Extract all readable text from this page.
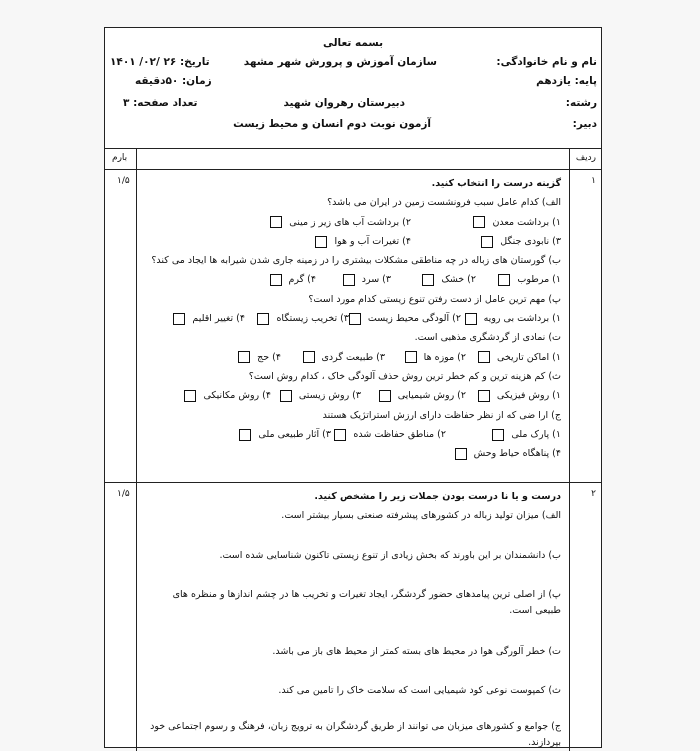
بسمه تعالی
نام و نام خانوادگی:
سازمان آموزش و پرورش شهر مشهد
تاریخ: ۲۶ /۰۲/ ۱۴۰۱
پایه: یازدهم
زمان: ۵۰دقیقه
رشته:
دبیرستان رهروان شهید
تعداد صفحه: ۳
دبیر:
آزمون نوبت دوم انسان و محیط زیست
ردیف
بارم
۱
۱/۵	گزینه درست را انتخاب کنید.
الف) کدام عامل سبب فرونشست زمین در ایران می باشد؟
۱) برداشت معدن
۲) برداشت آب های زیر ز مینی
۳) نابودی جنگل
۴) تغیرات آب و هوا
ب) گورستان های زباله در چه مناطقی مشکلات بیشتری را در زمینه جاری شدن شیرابه ها ایجاد می کند؟
۱) مرطوب
۲) خشک
۳) سرد
۴) گرم
پ) مهم ترین عامل از دست رفتن تنوع زیستی کدام مورد است؟
۱) برداشت بی رویه
۲) آلودگی محیط زیست
۳) تخریب زیستگاه
۴) تغییر اقلیم
ت) نمادی از گردشگری مذهبی است.
۱) اماکن تاریخی
۲) موزه ها
۳) طبیعت گردی
۴) حج
ث) کم هزینه ترین و کم خطر ترین روش حذف آلودگی خاک ، کدام روش است؟
۱) روش فیزیکی
۲) روش شیمیایی
۳) روش زیستی
۴) روش مکانیکی
ج) ارا ضی که از نظر حفاظت دارای ارزش استراتژیک هستند
۱) پارک ملی
۲) مناطق حفاظت شده
۳) آثار طبیعی ملی
۴) پناهگاه حیاط وحش
۲
۱/۵	درست و یا نا درست بودن جملات زیر را مشخص کنید.
الف) میزان تولید زباله در کشورهای پیشرفته صنعتی بسیار بیشتر است.
ب) دانشمندان بر این باورند که بخش زیادی از تنوع زیستی تاکنون شناسایی شده است.
پ) از اصلی ترین پیامدهای حضور گردشگر، ایجاد تغیرات و تخریب ها در چشم اندازها و منظره های طبیعی است.
ت) خطر آلورگی هوا در محیط های بسته کمتر از محیط های باز می باشد.
ث) کمپوست نوعی کود شیمیایی است که سلامت خاک را تامین می کند.
ج) جوامع و کشورهای میزبان می توانند از طریق گردشگران به ترویج زبان، فرهنگ و رسوم اجتماعی خود بپردازند.
